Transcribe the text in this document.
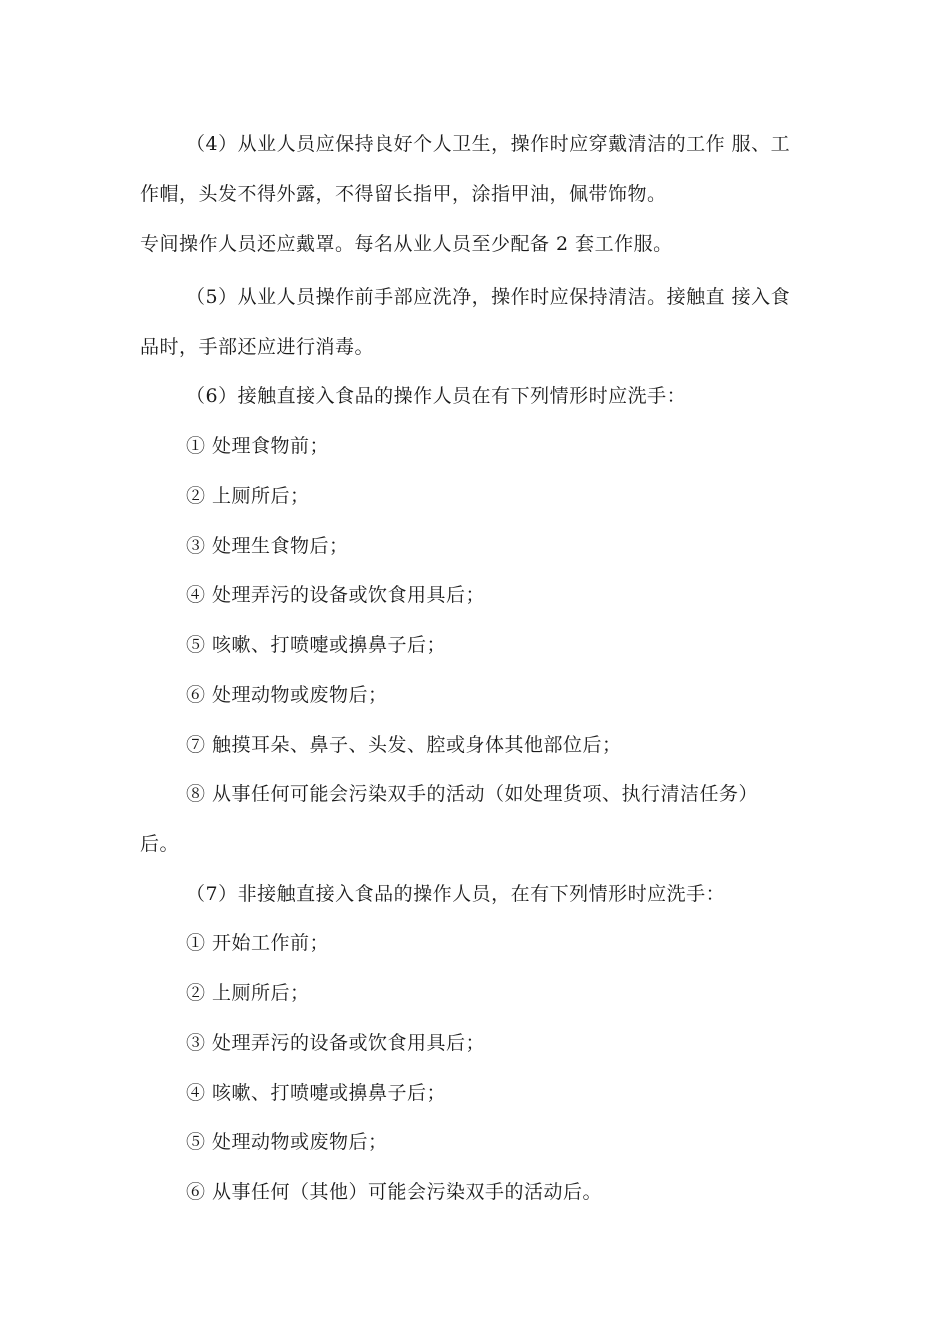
（4）从业人员应保持良好个人卫生，操作时应穿戴清洁的工作 服、工
作帽，头发不得外露，不得留长指甲，涂指甲油，佩带饰物。
专间操作人员还应戴罩。每名从业人员至少配备 2 套工作服。
（5）从业人员操作前手部应洗净，操作时应保持清洁。接触直 接入食
品时，手部还应进行消毒。
（6）接触直接入食品的操作人员在有下列情形时应洗手：
① 处理食物前；
② 上厕所后；
③ 处理生食物后；
④ 处理弄污的设备或饮食用具后；
⑤ 咳嗽、打喷嚏或擤鼻子后；
⑥ 处理动物或废物后；
⑦ 触摸耳朵、鼻子、头发、腔或身体其他部位后；
⑧ 从事任何可能会污染双手的活动（如处理货项、执行清洁任务）
后。
（7）非接触直接入食品的操作人员，在有下列情形时应洗手：
① 开始工作前；
② 上厕所后；
③ 处理弄污的设备或饮食用具后；
④ 咳嗽、打喷嚏或擤鼻子后；
⑤ 处理动物或废物后；
⑥ 从事任何（其他）可能会污染双手的活动后。
